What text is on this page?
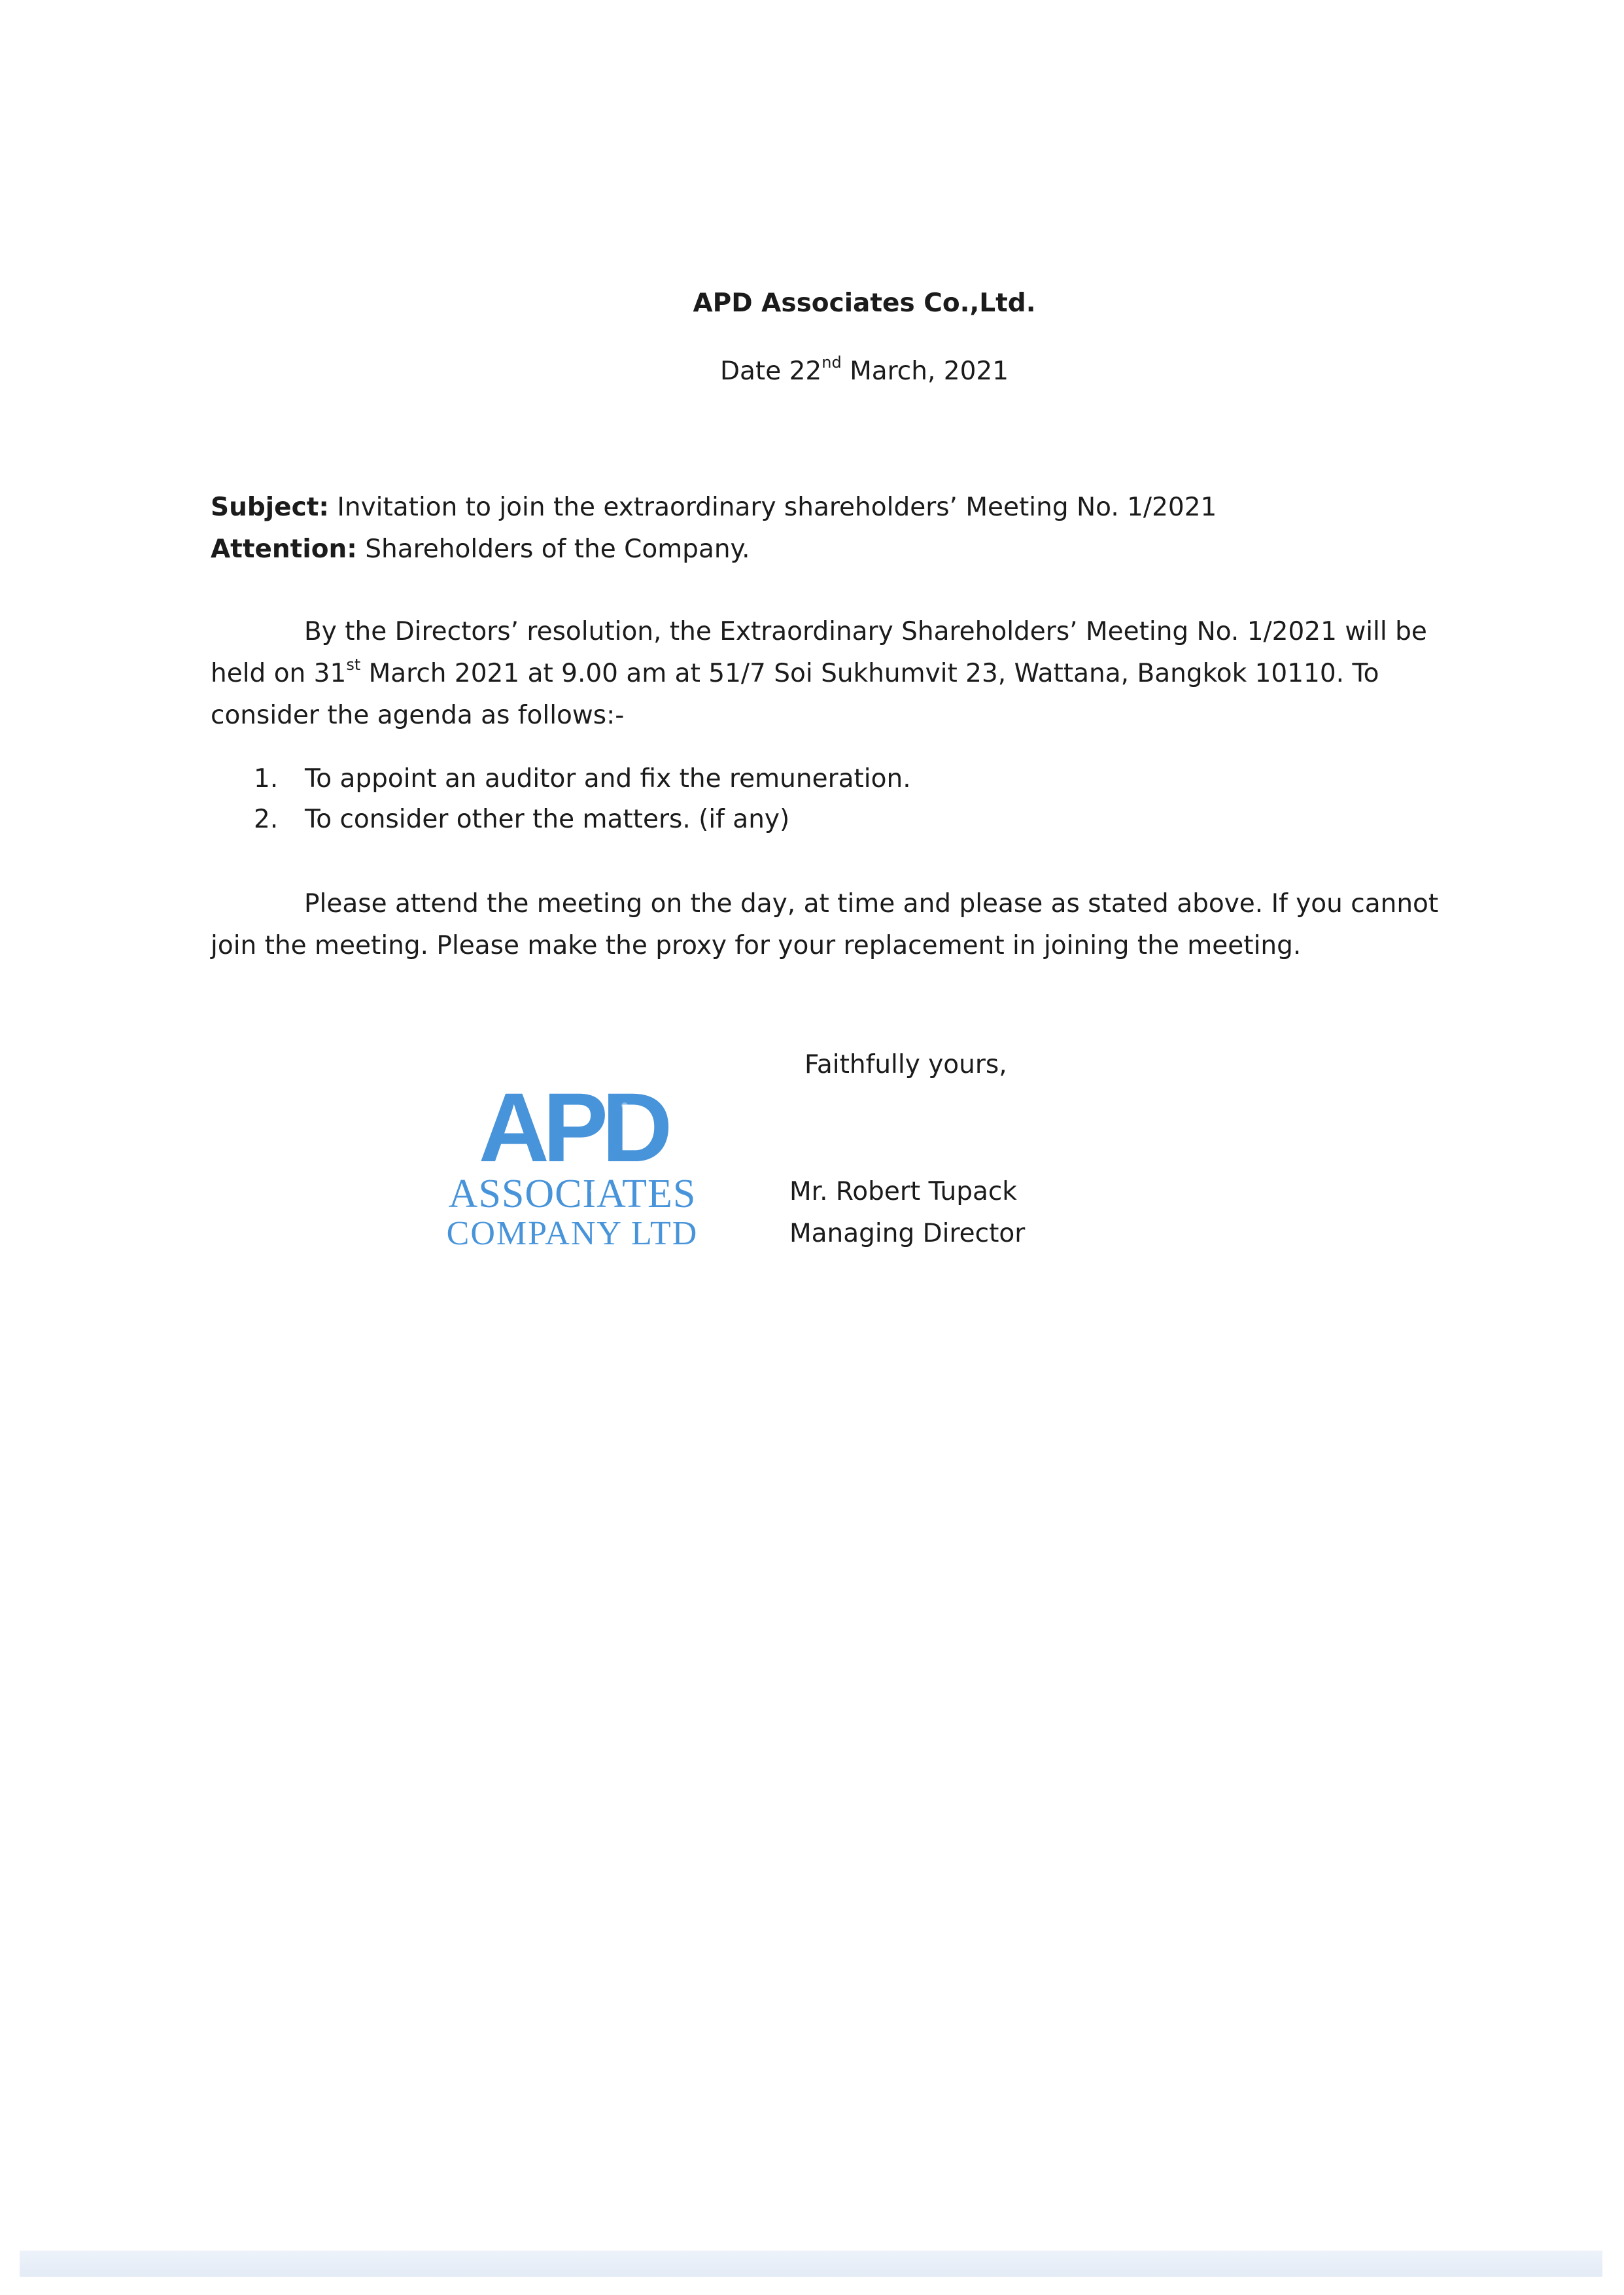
APD Associates Co.,Ltd.
Date 22nd March, 2021
Subject: Invitation to join the extraordinary shareholders’ Meeting No. 1/2021
Attention: Shareholders of the Company.
By the Directors’ resolution, the Extraordinary Shareholders’ Meeting No. 1/2021 will be held on 31st March 2021 at 9.00 am at 51/7 Soi Sukhumvit 23, Wattana, Bangkok 10110. To consider the agenda as follows:-
1.	To appoint an auditor and fix the remuneration.
2.	To consider other the matters. (if any)
Please attend the meeting on the day, at time and please as stated above. If you cannot join the meeting. Please make the proxy for your replacement in joining the meeting.
APD
ASSOCIATES
COMPANY LTD
Faithfully yours,
Mr. Robert Tupack
Managing Director
